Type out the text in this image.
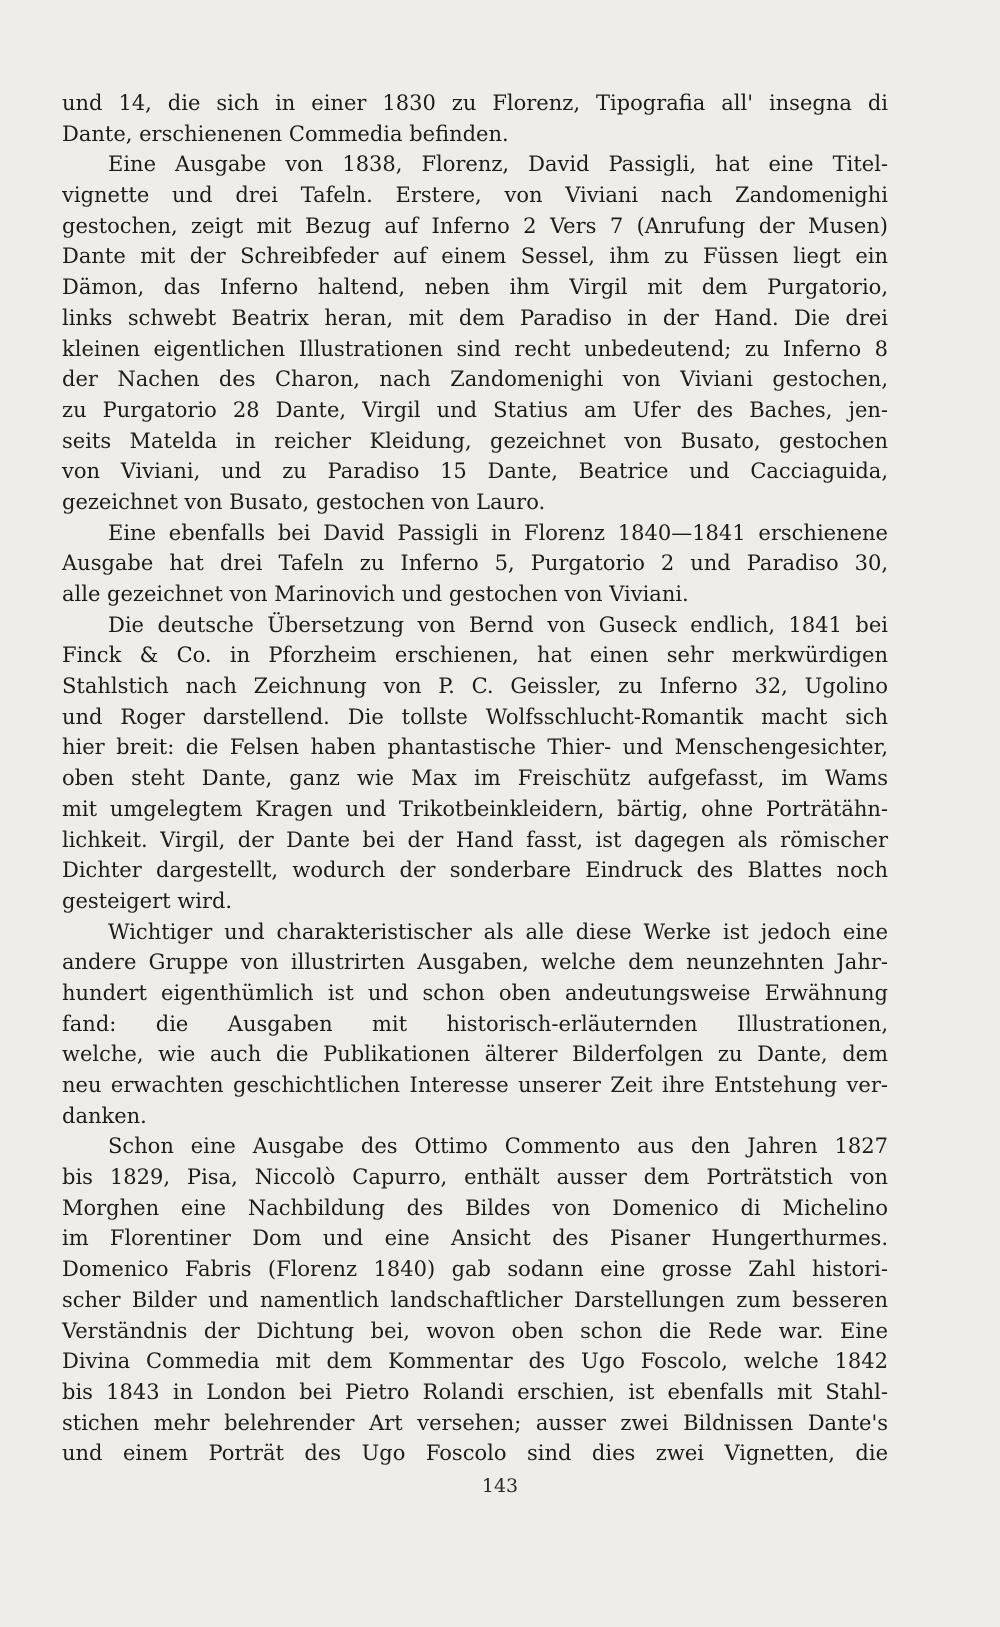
und 14, die sich in einer 1830 zu Florenz, Tipografia all' insegna di
Dante, erschienenen Commedia befinden.
Eine Ausgabe von 1838, Florenz, David Passigli, hat eine Titel-
vignette und drei Tafeln. Erstere, von Viviani nach Zandomenighi
gestochen, zeigt mit Bezug auf Inferno 2 Vers 7 (Anrufung der Musen)
Dante mit der Schreibfeder auf einem Sessel, ihm zu Füssen liegt ein
Dämon, das Inferno haltend, neben ihm Virgil mit dem Purgatorio,
links schwebt Beatrix heran, mit dem Paradiso in der Hand. Die drei
kleinen eigentlichen Illustrationen sind recht unbedeutend; zu Inferno 8
der Nachen des Charon, nach Zandomenighi von Viviani gestochen,
zu Purgatorio 28 Dante, Virgil und Statius am Ufer des Baches, jen-
seits Matelda in reicher Kleidung, gezeichnet von Busato, gestochen
von Viviani, und zu Paradiso 15 Dante, Beatrice und Cacciaguida,
gezeichnet von Busato, gestochen von Lauro.
Eine ebenfalls bei David Passigli in Florenz 1840—1841 erschienene
Ausgabe hat drei Tafeln zu Inferno 5, Purgatorio 2 und Paradiso 30,
alle gezeichnet von Marinovich und gestochen von Viviani.
Die deutsche Übersetzung von Bernd von Guseck endlich, 1841 bei
Finck & Co. in Pforzheim erschienen, hat einen sehr merkwürdigen
Stahlstich nach Zeichnung von P. C. Geissler, zu Inferno 32, Ugolino
und Roger darstellend. Die tollste Wolfsschlucht-Romantik macht sich
hier breit: die Felsen haben phantastische Thier- und Menschengesichter,
oben steht Dante, ganz wie Max im Freischütz aufgefasst, im Wams
mit umgelegtem Kragen und Trikotbeinkleidern, bärtig, ohne Porträtähn-
lichkeit. Virgil, der Dante bei der Hand fasst, ist dagegen als römischer
Dichter dargestellt, wodurch der sonderbare Eindruck des Blattes noch
gesteigert wird.
Wichtiger und charakteristischer als alle diese Werke ist jedoch eine
andere Gruppe von illustrirten Ausgaben, welche dem neunzehnten Jahr-
hundert eigenthümlich ist und schon oben andeutungsweise Erwähnung
fand: die Ausgaben mit historisch-erläuternden Illustrationen,
welche, wie auch die Publikationen älterer Bilderfolgen zu Dante, dem
neu erwachten geschichtlichen Interesse unserer Zeit ihre Entstehung ver-
danken.
Schon eine Ausgabe des Ottimo Commento aus den Jahren 1827
bis 1829, Pisa, Niccolò Capurro, enthält ausser dem Porträtstich von
Morghen eine Nachbildung des Bildes von Domenico di Michelino
im Florentiner Dom und eine Ansicht des Pisaner Hungerthurmes.
Domenico Fabris (Florenz 1840) gab sodann eine grosse Zahl histori-
scher Bilder und namentlich landschaftlicher Darstellungen zum besseren
Verständnis der Dichtung bei, wovon oben schon die Rede war. Eine
Divina Commedia mit dem Kommentar des Ugo Foscolo, welche 1842
bis 1843 in London bei Pietro Rolandi erschien, ist ebenfalls mit Stahl-
stichen mehr belehrender Art versehen; ausser zwei Bildnissen Dante's
und einem Porträt des Ugo Foscolo sind dies zwei Vignetten, die
143
